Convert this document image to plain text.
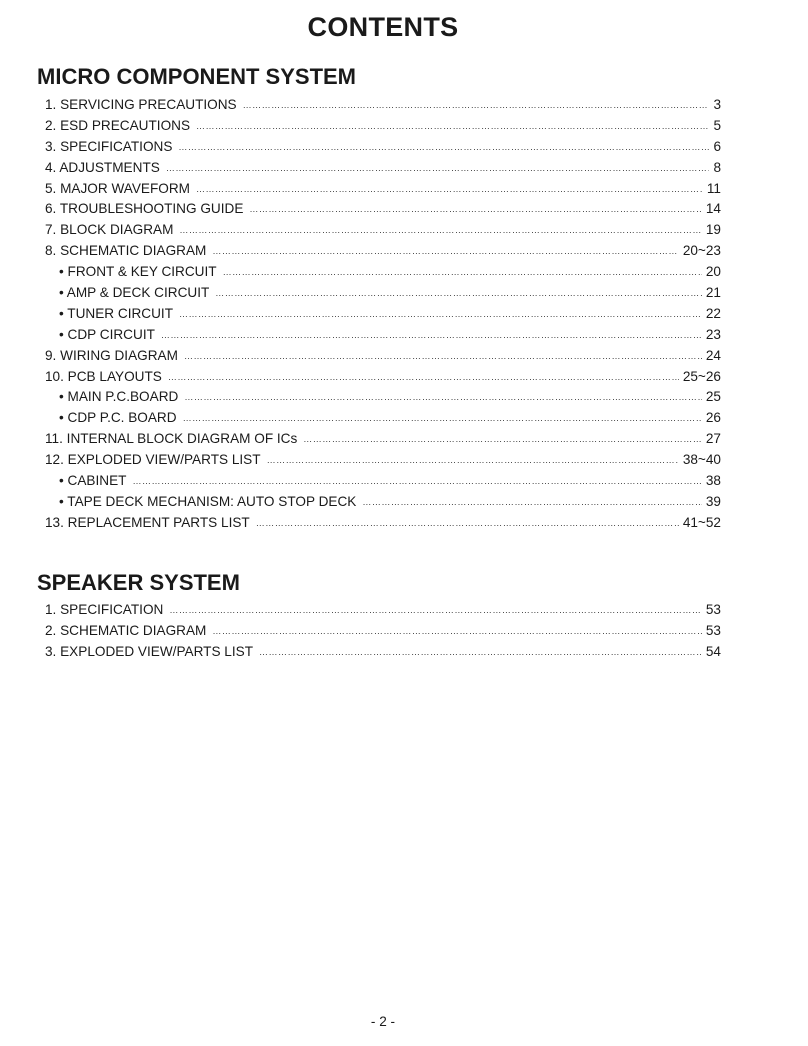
CONTENTS
MICRO COMPONENT SYSTEM
1. SERVICING PRECAUTIONS ……………………………………………………………………………………………………………………………………………………………………………………………………………………………………………………………………	3
2. ESD PRECAUTIONS ……………………………………………………………………………………………………………………………………………………………………………………………………………………………………………………………………	5
3. SPECIFICATIONS ……………………………………………………………………………………………………………………………………………………………………………………………………………………………………………………………………	6
4. ADJUSTMENTS ……………………………………………………………………………………………………………………………………………………………………………………………………………………………………………………………………	8
5. MAJOR WAVEFORM ……………………………………………………………………………………………………………………………………………………………………………………………………………………………………………………………………	11
6. TROUBLESHOOTING GUIDE ……………………………………………………………………………………………………………………………………………………………………………………………………………………………………………………………………	14
7. BLOCK DIAGRAM ……………………………………………………………………………………………………………………………………………………………………………………………………………………………………………………………………	19
8. SCHEMATIC DIAGRAM ……………………………………………………………………………………………………………………………………………………………………………………………………………………………………………………………………	20~23
• FRONT & KEY CIRCUIT ……………………………………………………………………………………………………………………………………………………………………………………………………………………………………………………………………	20
• AMP & DECK CIRCUIT ……………………………………………………………………………………………………………………………………………………………………………………………………………………………………………………………………	21
• TUNER CIRCUIT ……………………………………………………………………………………………………………………………………………………………………………………………………………………………………………………………………	22
• CDP CIRCUIT ……………………………………………………………………………………………………………………………………………………………………………………………………………………………………………………………………	23
9. WIRING DIAGRAM ……………………………………………………………………………………………………………………………………………………………………………………………………………………………………………………………………	24
10. PCB LAYOUTS ……………………………………………………………………………………………………………………………………………………………………………………………………………………………………………………………………	25~26
• MAIN P.C.BOARD ……………………………………………………………………………………………………………………………………………………………………………………………………………………………………………………………………	25
• CDP P.C. BOARD ……………………………………………………………………………………………………………………………………………………………………………………………………………………………………………………………………	26
11. INTERNAL BLOCK DIAGRAM OF ICs ……………………………………………………………………………………………………………………………………………………………………………………………………………………………………………………………………	27
12. EXPLODED VIEW/PARTS LIST ……………………………………………………………………………………………………………………………………………………………………………………………………………………………………………………………………	38~40
• CABINET ……………………………………………………………………………………………………………………………………………………………………………………………………………………………………………………………………	38
• TAPE DECK MECHANISM: AUTO STOP DECK ……………………………………………………………………………………………………………………………………………………………………………………………………………………………………………………………………	39
13. REPLACEMENT PARTS LIST ……………………………………………………………………………………………………………………………………………………………………………………………………………………………………………………………………	41~52
SPEAKER SYSTEM
1. SPECIFICATION ……………………………………………………………………………………………………………………………………………………………………………………………………………………………………………………………………	53
2. SCHEMATIC DIAGRAM ……………………………………………………………………………………………………………………………………………………………………………………………………………………………………………………………………	53
3. EXPLODED VIEW/PARTS LIST ……………………………………………………………………………………………………………………………………………………………………………………………………………………………………………………………………	54
- 2 -
